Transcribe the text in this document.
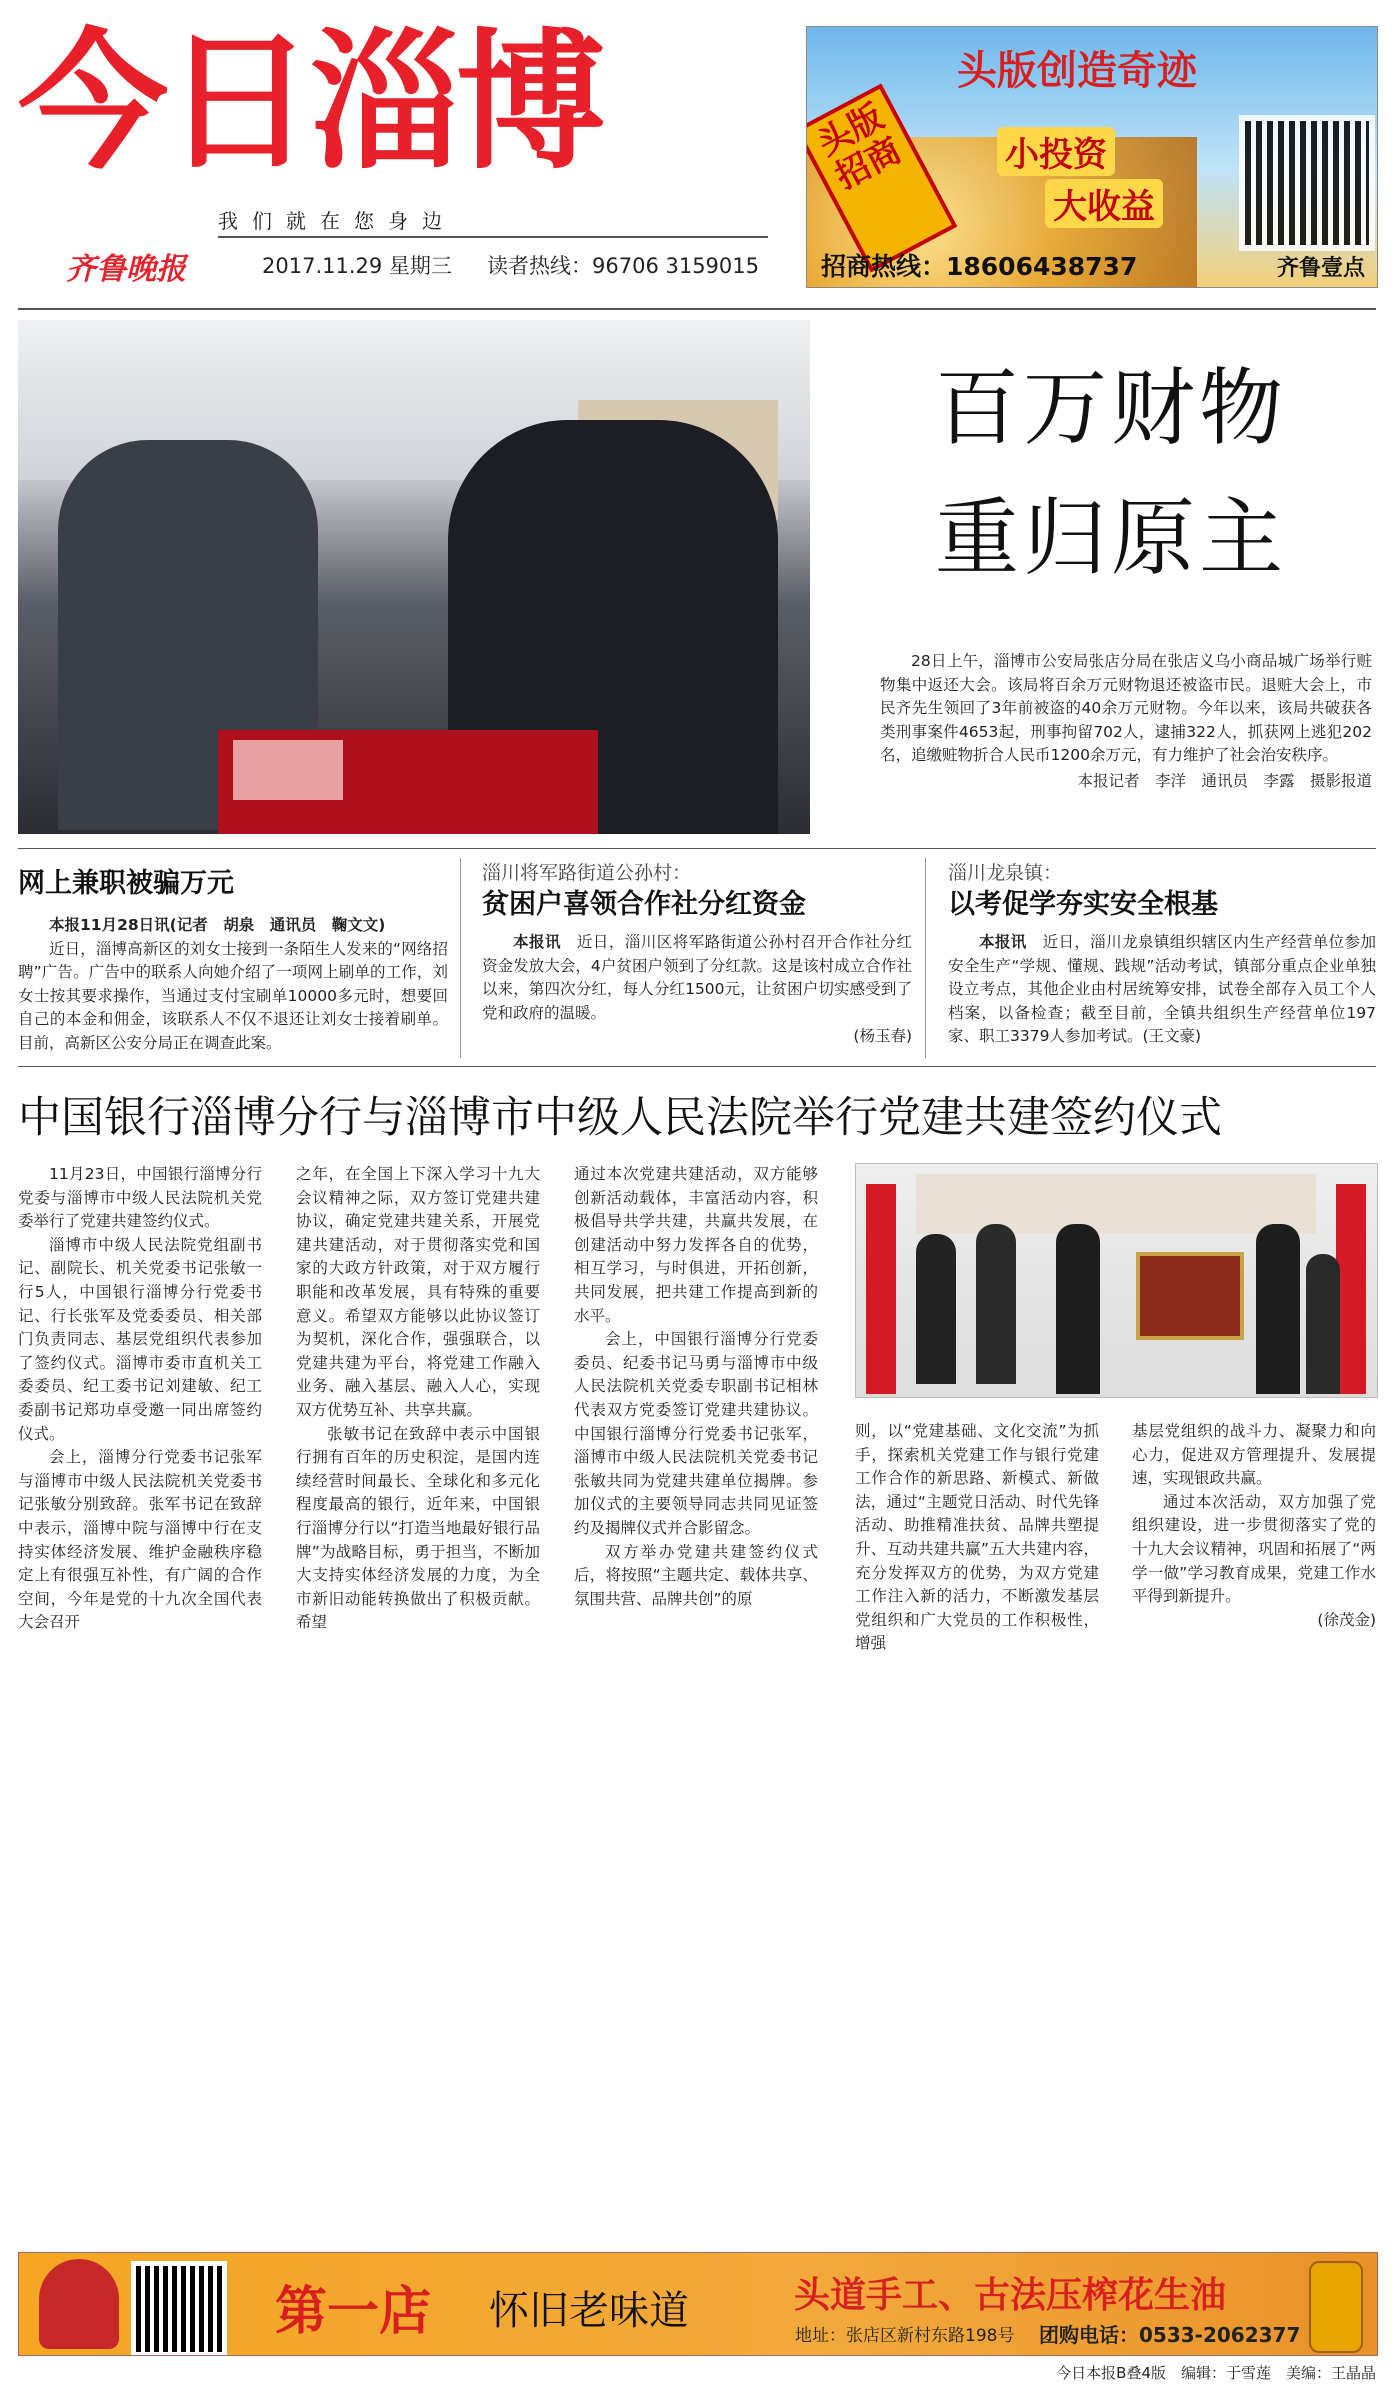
今日淄博
我们就在您身边
齐鲁晚报	2017.11.29 星期三 读者热线：96706 3159015
头版创造奇迹
头版招商	小投资
大收益
招商热线：18606438737	齐鲁壹点
百万财物
重归原主

28日上午，淄博市公安局张店分局在张店义乌小商品城广场举行赃物集中返还大会。该局将百余万元财物退还被盗市民。退赃大会上，市民齐先生领回了3年前被盗的40余万元财物。今年以来，该局共破获各类刑事案件4653起，刑事拘留702人，逮捕322人，抓获网上逃犯202名，追缴赃物折合人民币1200余万元，有力维护了社会治安秩序。

本报记者　李洋　通讯员　李露　摄影报道
网上兼职被骗万元
本报11月28日讯(记者　胡泉　通讯员　鞠文文)

近日，淄博高新区的刘女士接到一条陌生人发来的“网络招聘”广告。广告中的联系人向她介绍了一项网上刷单的工作，刘女士按其要求操作，当通过支付宝刷单10000多元时，想要回自己的本金和佣金，该联系人不仅不退还让刘女士接着刷单。目前，高新区公安分局正在调查此案。

淄川将军路街道公孙村：
贫困户喜领合作社分红资金

本报讯　 近日，淄川区将军路街道公孙村召开合作社分红资金发放大会，4户贫困户领到了分红款。这是该村成立合作社以来，第四次分红，每人分红1500元，让贫困户切实感受到了党和政府的温暖。

(杨玉春)
淄川龙泉镇：
以考促学夯实安全根基

本报讯　 近日，淄川龙泉镇组织辖区内生产经营单位参加安全生产“学规、懂规、践规”活动考试，镇部分重点企业单独设立考点，其他企业由村居统筹安排，试卷全部存入员工个人档案，以备检查；截至目前，全镇共组织生产经营单位197家、职工3379人参加考试。(王文豪)

中国银行淄博分行与淄博市中级人民法院举行党建共建签约仪式

11月23日，中国银行淄博分行党委与淄博市中级人民法院机关党委举行了党建共建签约仪式。

淄博市中级人民法院党组副书记、副院长、机关党委书记张敏一行5人，中国银行淄博分行党委书记、行长张军及党委委员、相关部门负责同志、基层党组织代表参加了签约仪式。淄博市委市直机关工委委员、纪工委书记刘建敏、纪工委副书记郑功卓受邀一同出席签约仪式。

会上，淄博分行党委书记张军与淄博市中级人民法院机关党委书记张敏分别致辞。张军书记在致辞中表示，淄博中院与淄博中行在支持实体经济发展、维护金融秩序稳定上有很强互补性，有广阔的合作空间，今年是党的十九次全国代表大会召开

之年，在全国上下深入学习十九大会议精神之际，双方签订党建共建协议，确定党建共建关系，开展党建共建活动，对于贯彻落实党和国家的大政方针政策，对于双方履行职能和改革发展，具有特殊的重要意义。希望双方能够以此协议签订为契机，深化合作，强强联合，以党建共建为平台，将党建工作融入业务、融入基层、融入人心，实现双方优势互补、共享共赢。

张敏书记在致辞中表示中国银行拥有百年的历史积淀，是国内连续经营时间最长、全球化和多元化程度最高的银行，近年来，中国银行淄博分行以“打造当地最好银行品牌”为战略目标，勇于担当，不断加大支持实体经济发展的力度，为全市新旧动能转换做出了积极贡献。希望

通过本次党建共建活动，双方能够创新活动载体，丰富活动内容，积极倡导共学共建，共赢共发展，在创建活动中努力发挥各自的优势，相互学习，与时俱进，开拓创新，共同发展，把共建工作提高到新的水平。

会上，中国银行淄博分行党委委员、纪委书记马勇与淄博市中级人民法院机关党委专职副书记相林代表双方党委签订党建共建协议。中国银行淄博分行党委书记张军，淄博市中级人民法院机关党委书记张敏共同为党建共建单位揭牌。参加仪式的主要领导同志共同见证签约及揭牌仪式并合影留念。

双方举办党建共建签约仪式后，将按照“主题共定、载体共享、氛围共营、品牌共创”的原

则，以“党建基础、文化交流”为抓手，探索机关党建工作与银行党建工作合作的新思路、新模式、新做法，通过“主题党日活动、时代先锋活动、助推精准扶贫、品牌共塑提升、互动共建共赢”五大共建内容，充分发挥双方的优势，为双方党建工作注入新的活力，不断激发基层党组织和广大党员的工作积极性，增强

基层党组织的战斗力、凝聚力和向心力，促进双方管理提升、发展提速，实现银政共赢。

通过本次活动，双方加强了党组织建设，进一步贯彻落实了党的十九大会议精神，巩固和拓展了“两学一做”学习教育成果，党建工作水平得到新提升。

(徐茂金)
第一店 怀旧老味道	头道手工、古法压榨花生油
地址：张店区新村东路198号 团购电话：0533-2062377
今日本报B叠4版　编辑：于雪莲　美编：王晶晶
